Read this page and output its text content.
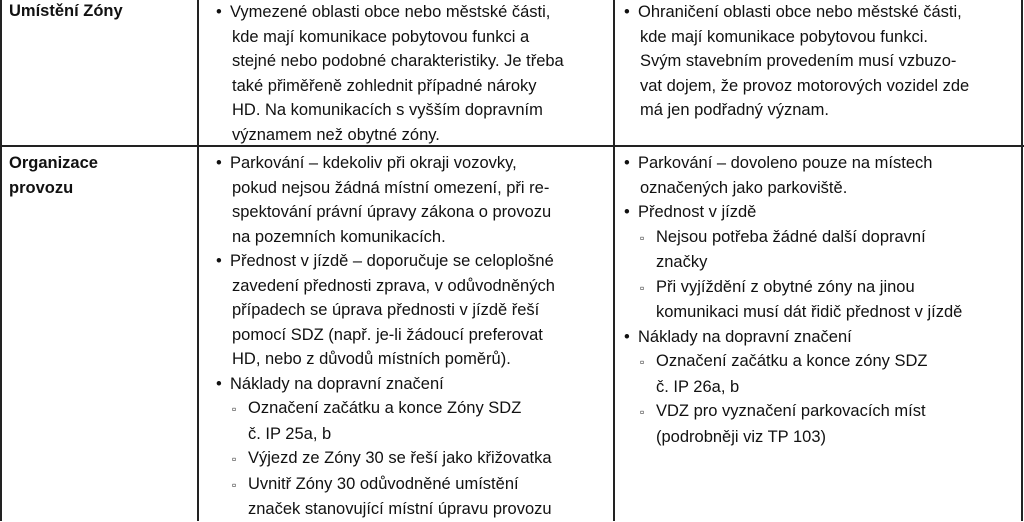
Umístění Zóny	• Vymezené oblasti obce nebo městské části,
kde mají komunikace pobytovou funkci a
stejné nebo podobné charakteristiky. Je třeba
také přiměřeně zohlednit případné nároky
HD. Na komunikacích s vyšším dopravním
významem než obytné zóny.
• Ohraničení oblasti obce nebo městské části,
kde mají komunikace pobytovou funkci.
Svým stavebním provedením musí vzbuzo-
vat dojem, že provoz motorových vozidel zde
má jen podřadný význam.
Organizace
provozu
• Parkování – kdekoliv při okraji vozovky,
pokud nejsou žádná místní omezení, při re-
spektování právní úpravy zákona o provozu
na pozemních komunikacích.
• Přednost v jízdě – doporučuje se celoplošné
zavedení přednosti zprava, v odůvodněných
případech se úprava přednosti v jízdě řeší
pomocí SDZ (např. je-li žádoucí preferovat
HD, nebo z důvodů místních poměrů).
• Náklady na dopravní značení
▫ Označení začátku a konce Zóny SDZ
č. IP 25a, b
▫ Výjezd ze Zóny 30 se řeší jako křižovatka
▫ Uvnitř Zóny 30 odůvodněné umístění
značek stanovující místní úpravu provozu
• Parkování – dovoleno pouze na místech
označených jako parkoviště.
• Přednost v jízdě
▫ Nejsou potřeba žádné další dopravní
značky
▫ Při vyjíždění z obytné zóny na jinou
komunikaci musí dát řidič přednost v jízdě
• Náklady na dopravní značení
▫ Označení začátku a konce zóny SDZ
č. IP 26a, b
▫ VDZ pro vyznačení parkovacích míst
(podrobněji viz TP 103)
